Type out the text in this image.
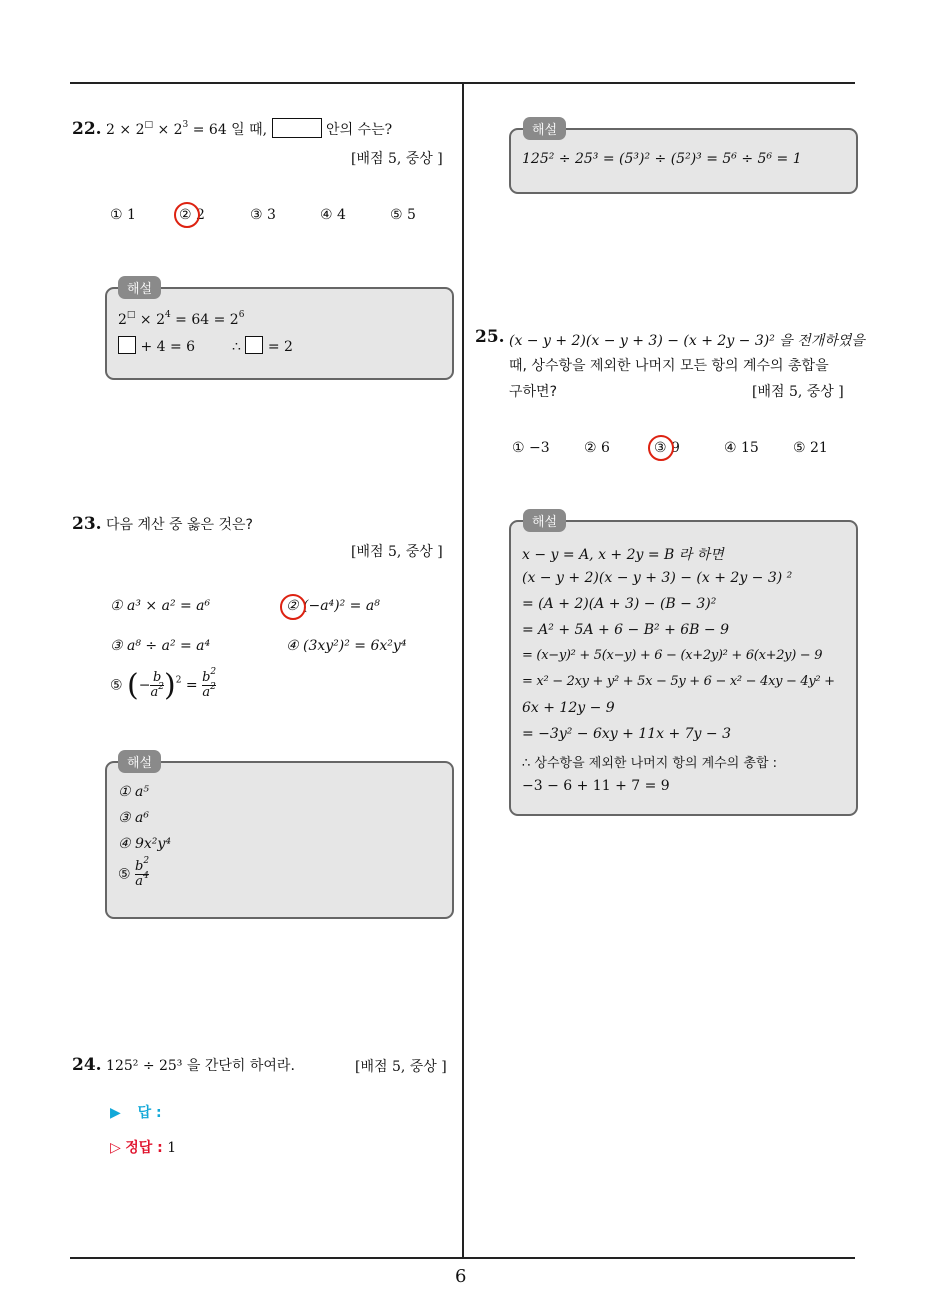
6
22. $2 \times 2^□ \times 2^3 = 64$ 일 때,	안의 수는?
[배점 5, 중상 ]
① 1	② 2	③ 3	④ 4	⑤ 5
해설
$2^□ \times 2^4 = 64 = 2^6$
+ 4 = 6	∴ = 2
23. 다음 계산 중 옳은 것은?
[배점 5, 중상 ]
① a³ × a² = a⁶	② (−a⁴)² = a⁸
③ a⁸ ÷ a² = a⁴	④ (3xy²)² = 6x²y⁴
⑤ (− $\frac{b}{a^2} )^2 = \frac{b^2}{a^2}$
해설
① a⁵
③ a⁶
④ 9x²y⁴
⑤ $\frac{b^2}{a^4}$
24. 125² ÷ 25³ 을 간단히 하여라.	[배점 5, 중상 ]
▶ 답 :
▷ 정답 : 1
해설
125² ÷ 25³ = (5³)² ÷ (5²)³ = 5⁶ ÷ 5⁶ = 1
25. (x − y + 2)(x − y + 3) − (x + 2y − 3)² 을 전개하였을
때, 상수항을 제외한 나머지 모든 항의 계수의 총합을
구하면?	[배점 5, 중상 ]
① −3 ② 6	③ 9	④ 15 ⑤ 21
해설
x − y = A, x + 2y = B 라 하면
(x − y + 2)(x − y + 3) − (x + 2y − 3) ²
= (A + 2)(A + 3) − (B − 3)²
= A² + 5A + 6 − B² + 6B − 9
= (x−y)² + 5(x−y) + 6 − (x+2y)² + 6(x+2y) − 9
= x² − 2xy + y² + 5x − 5y + 6 − x² − 4xy − 4y² +
6x + 12y − 9
= −3y² − 6xy + 11x + 7y − 3
∴ 상수항을 제외한 나머지 항의 계수의 총합 :
−3 − 6 + 11 + 7 = 9
